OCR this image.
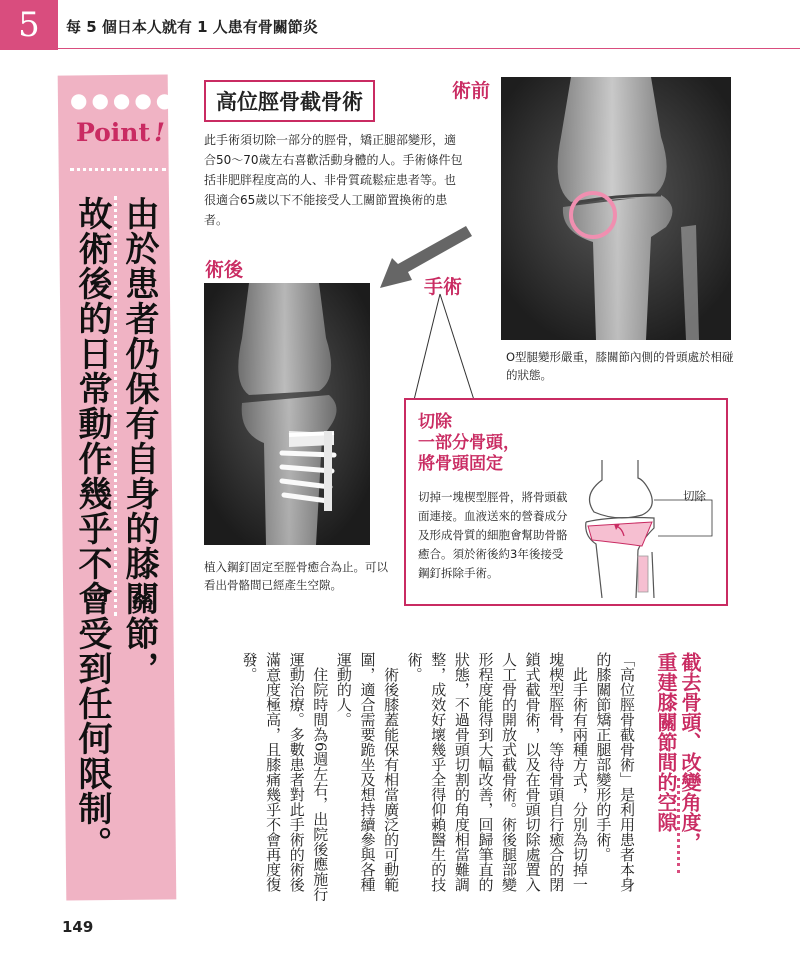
5	每 5 個日本人就有 1 人患有骨關節炎
●●●●●
Point !
由於患者仍保有自身的膝關節，
故術後的日常動作幾乎不會受到任何限制。
高位脛骨截骨術
此手術須切除一部分的脛骨，矯正腿部變形，適合50〜70歲左右喜歡活動身體的人。手術條件包括非肥胖程度高的人、非骨質疏鬆症患者等。也很適合65歲以下不能接受人工關節置換術的患者。
術前
術後
手術
O型腿變形嚴重，膝關節內側的骨頭處於相碰的狀態。
植入鋼釘固定至脛骨癒合為止。可以看出骨骼間已經產生空隙。
切除
一部分骨頭，
將骨頭固定
切掉一塊楔型脛骨，將骨頭截面連接。血液送來的營養成分及形成骨質的細胞會幫助骨骼癒合。須於術後約3年後接受鋼釘拆除手術。
切除
截去骨頭、改變角度，
重建膝關節間的空隙

「高位脛骨截骨術」是利用患者本身的膝關節矯正腿部變形的手術。

此手術有兩種方式，分別為切掉一塊楔型脛骨，等待骨頭自行癒合的閉鎖式截骨術，以及在骨頭切除處置入人工骨的開放式截骨術。術後腿部變形程度能得到大幅改善，回歸筆直的狀態，不過骨頭切割的角度相當難調整，成效好壞幾乎全得仰賴醫生的技術。

術後膝蓋能保有相當廣泛的可動範圍，適合需要跪坐及想持續參與各種運動的人。

住院時間為6週左右，出院後應施行運動治療。多數患者對此手術的術後滿意度極高，且膝痛幾乎不會再度復發。

149
